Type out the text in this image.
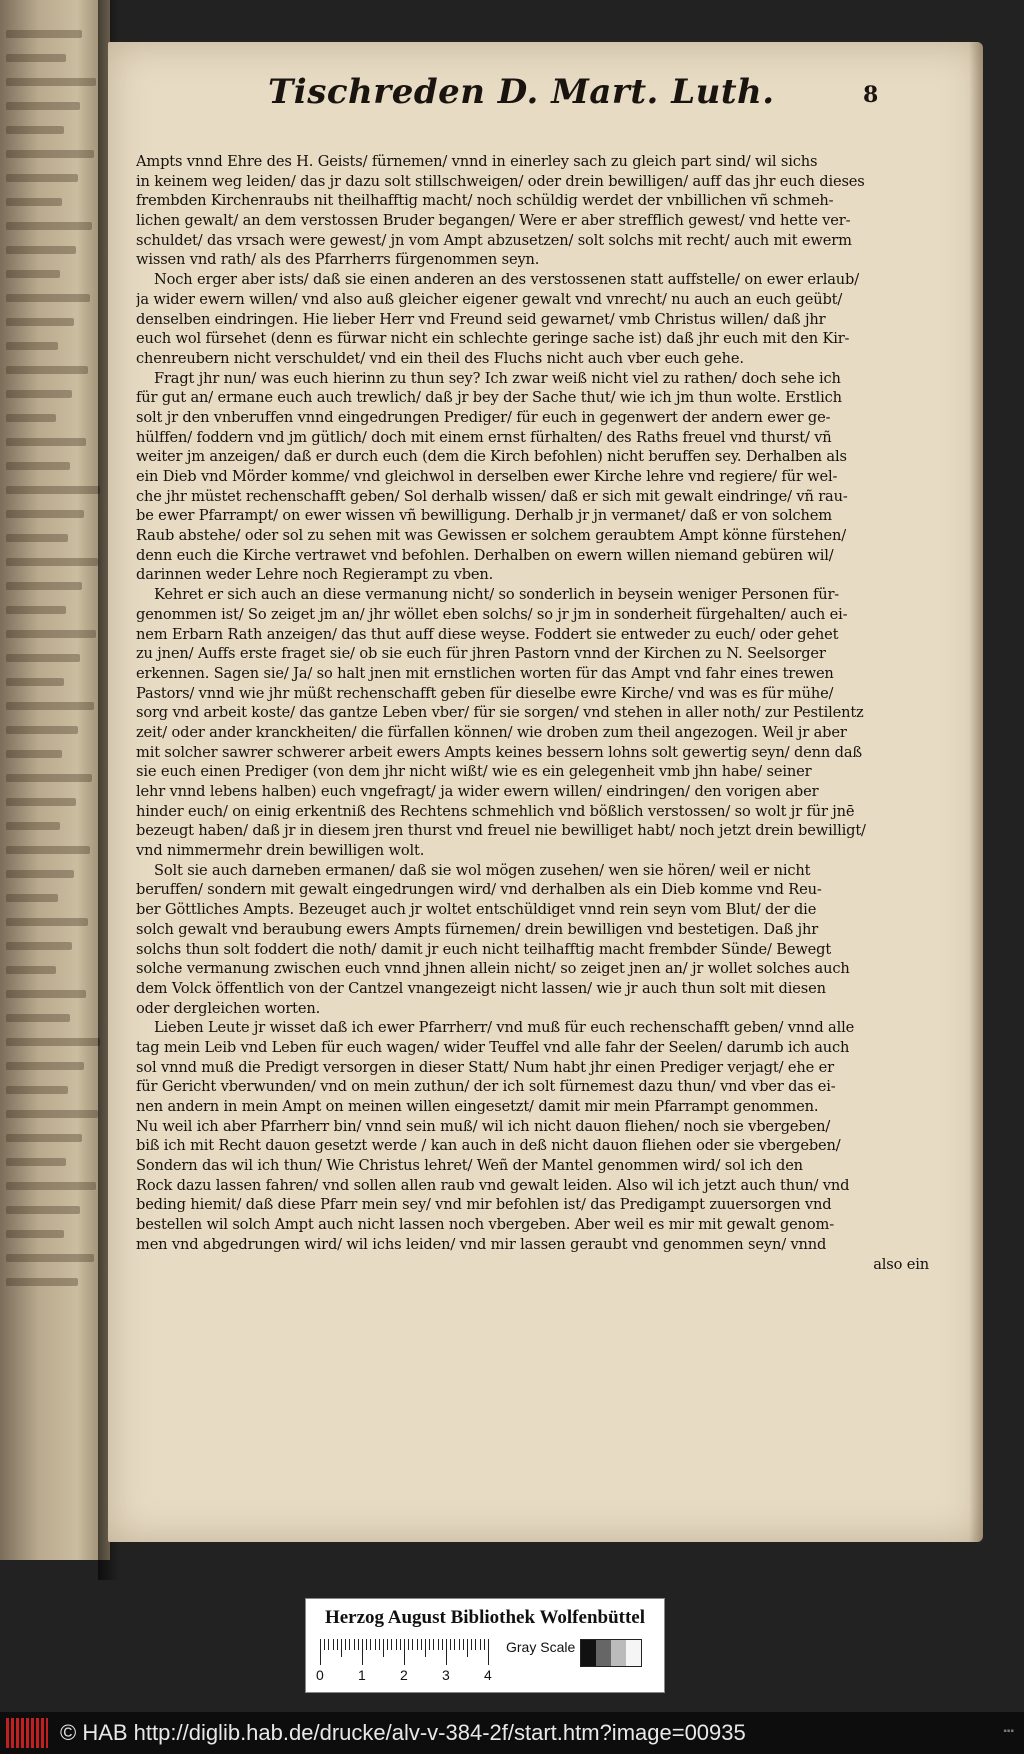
Tischreden D. Mart. Luth.	8
Ampts vnnd Ehre des H. Geists/ fürnemen/ vnnd in einerley sach zu gleich part sind/ wil sichs
in keinem weg leiden/ das jr dazu solt stillschweigen/ oder drein bewilligen/ auff das jhr euch dieses
frembden Kirchenraubs nit theilhafftig macht/ noch schüldig werdet der vnbillichen vñ schmeh-
lichen gewalt/ an dem verstossen Bruder begangen/ Were er aber strefflich gewest/ vnd hette ver-
schuldet/ das vrsach were gewest/ jn vom Ampt abzusetzen/ solt solchs mit recht/ auch mit ewerm
wissen vnd rath/ als des Pfarrherrs fürgenommen seyn.
Noch erger aber ists/ daß sie einen anderen an des verstossenen statt auffstelle/ on ewer erlaub/
ja wider ewern willen/ vnd also auß gleicher eigener gewalt vnd vnrecht/ nu auch an euch geübt/
denselben eindringen. Hie lieber Herr vnd Freund seid gewarnet/ vmb Christus willen/ daß jhr
euch wol fürsehet (denn es fürwar nicht ein schlechte geringe sache ist) daß jhr euch mit den Kir-
chenreubern nicht verschuldet/ vnd ein theil des Fluchs nicht auch vber euch gehe.
Fragt jhr nun/ was euch hierinn zu thun sey? Ich zwar weiß nicht viel zu rathen/ doch sehe ich
für gut an/ ermane euch auch trewlich/ daß jr bey der Sache thut/ wie ich jm thun wolte. Erstlich
solt jr den vnberuffen vnnd eingedrungen Prediger/ für euch in gegenwert der andern ewer ge-
hülffen/ foddern vnd jm gütlich/ doch mit einem ernst fürhalten/ des Raths freuel vnd thurst/ vñ
weiter jm anzeigen/ daß er durch euch (dem die Kirch befohlen) nicht beruffen sey. Derhalben als
ein Dieb vnd Mörder komme/ vnd gleichwol in derselben ewer Kirche lehre vnd regiere/ für wel-
che jhr müstet rechenschafft geben/ Sol derhalb wissen/ daß er sich mit gewalt eindringe/ vñ rau-
be ewer Pfarrampt/ on ewer wissen vñ bewilligung. Derhalb jr jn vermanet/ daß er von solchem
Raub abstehe/ oder sol zu sehen mit was Gewissen er solchem geraubtem Ampt könne fürstehen/
denn euch die Kirche vertrawet vnd befohlen. Derhalben on ewern willen niemand gebüren wil/
darinnen weder Lehre noch Regierampt zu vben.
Kehret er sich auch an diese vermanung nicht/ so sonderlich in beysein weniger Personen für-
genommen ist/ So zeiget jm an/ jhr wöllet eben solchs/ so jr jm in sonderheit fürgehalten/ auch ei-
nem Erbarn Rath anzeigen/ das thut auff diese weyse. Foddert sie entweder zu euch/ oder gehet
zu jnen/ Auffs erste fraget sie/ ob sie euch für jhren Pastorn vnnd der Kirchen zu N. Seelsorger
erkennen. Sagen sie/ Ja/ so halt jnen mit ernstlichen worten für das Ampt vnd fahr eines trewen
Pastors/ vnnd wie jhr müßt rechenschafft geben für dieselbe ewre Kirche/ vnd was es für mühe/
sorg vnd arbeit koste/ das gantze Leben vber/ für sie sorgen/ vnd stehen in aller noth/ zur Pestilentz
zeit/ oder ander kranckheiten/ die fürfallen können/ wie droben zum theil angezogen. Weil jr aber
mit solcher sawrer schwerer arbeit ewers Ampts keines bessern lohns solt gewertig seyn/ denn daß
sie euch einen Prediger (von dem jhr nicht wißt/ wie es ein gelegenheit vmb jhn habe/ seiner
lehr vnnd lebens halben) euch vngefragt/ ja wider ewern willen/ eindringen/ den vorigen aber
hinder euch/ on einig erkentniß des Rechtens schmehlich vnd bößlich verstossen/ so wolt jr für jnē
bezeugt haben/ daß jr in diesem jren thurst vnd freuel nie bewilliget habt/ noch jetzt drein bewilligt/
vnd nimmermehr drein bewilligen wolt.
Solt sie auch darneben ermanen/ daß sie wol mögen zusehen/ wen sie hören/ weil er nicht
beruffen/ sondern mit gewalt eingedrungen wird/ vnd derhalben als ein Dieb komme vnd Reu-
ber Göttliches Ampts. Bezeuget auch jr woltet entschüldiget vnnd rein seyn vom Blut/ der die
solch gewalt vnd beraubung ewers Ampts fürnemen/ drein bewilligen vnd bestetigen. Daß jhr
solchs thun solt foddert die noth/ damit jr euch nicht teilhafftig macht frembder Sünde/ Bewegt
solche vermanung zwischen euch vnnd jhnen allein nicht/ so zeiget jnen an/ jr wollet solches auch
dem Volck öffentlich von der Cantzel vnangezeigt nicht lassen/ wie jr auch thun solt mit diesen
oder dergleichen worten.
Lieben Leute jr wisset daß ich ewer Pfarrherr/ vnd muß für euch rechenschafft geben/ vnnd alle
tag mein Leib vnd Leben für euch wagen/ wider Teuffel vnd alle fahr der Seelen/ darumb ich auch
sol vnnd muß die Predigt versorgen in dieser Statt/ Num habt jhr einen Prediger verjagt/ ehe er
für Gericht vberwunden/ vnd on mein zuthun/ der ich solt fürnemest dazu thun/ vnd vber das ei-
nen andern in mein Ampt on meinen willen eingesetzt/ damit mir mein Pfarrampt genommen.
Nu weil ich aber Pfarrherr bin/ vnnd sein muß/ wil ich nicht dauon fliehen/ noch sie vbergeben/
biß ich mit Recht dauon gesetzt werde / kan auch in deß nicht dauon fliehen oder sie vbergeben/
Sondern das wil ich thun/ Wie Christus lehret/ Weñ der Mantel genommen wird/ sol ich den
Rock dazu lassen fahren/ vnd sollen allen raub vnd gewalt leiden. Also wil ich jetzt auch thun/ vnd
beding hiemit/ daß diese Pfarr mein sey/ vnd mir befohlen ist/ das Predigampt zuuersorgen vnd
bestellen wil solch Ampt auch nicht lassen noch vbergeben. Aber weil es mir mit gewalt genom-
men vnd abgedrungen wird/ wil ichs leiden/ vnd mir lassen geraubt vnd genommen seyn/ vnnd
also ein
Herzog August Bibliothek Wolfenbüttel
0 1 2 3 4
Gray Scale
© HAB http://diglib.hab.de/drucke/alv-v-384-2f/start.htm?image=00935	▪▪▪
